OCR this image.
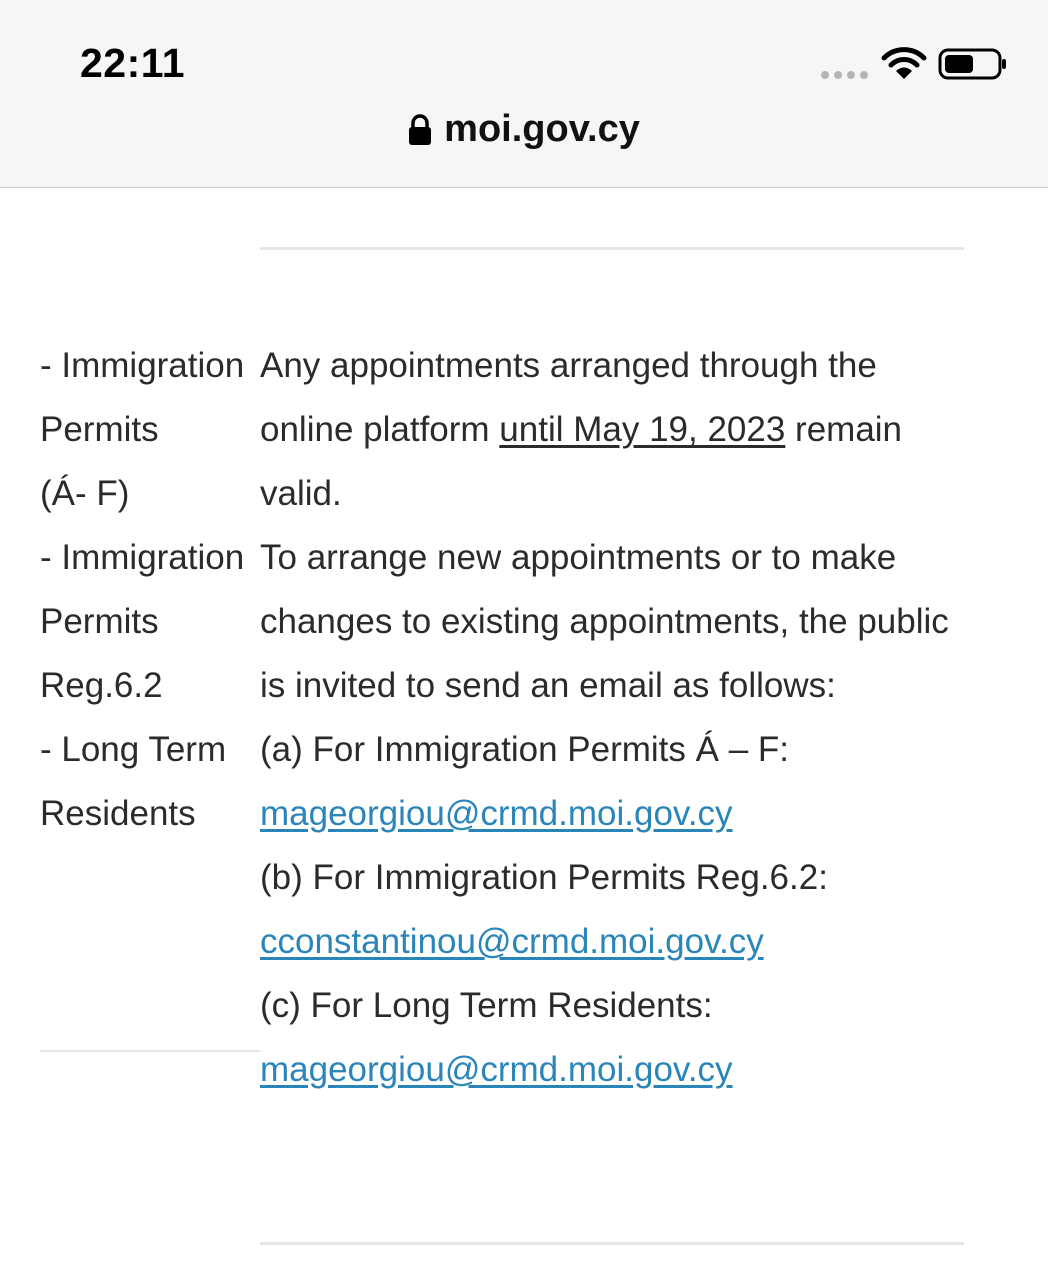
22:11
moi.gov.cy
- Immigration
Permits
(Á- F)
- Immigration
Permits
Reg.6.2
- Long Term
Residents

Any appointments arranged through the online platform until May 19, 2023 remain valid.

To arrange new appointments or to make changes to existing appointments, the public is invited to send an email as follows:

(a) For Immigration Permits Á – F: mageorgiou@crmd.moi.gov.cy

(b) For Immigration Permits Reg.6.2: cconstantinou@crmd.moi.gov.cy

(c) For Long Term Residents: mageorgiou@crmd.moi.gov.cy
